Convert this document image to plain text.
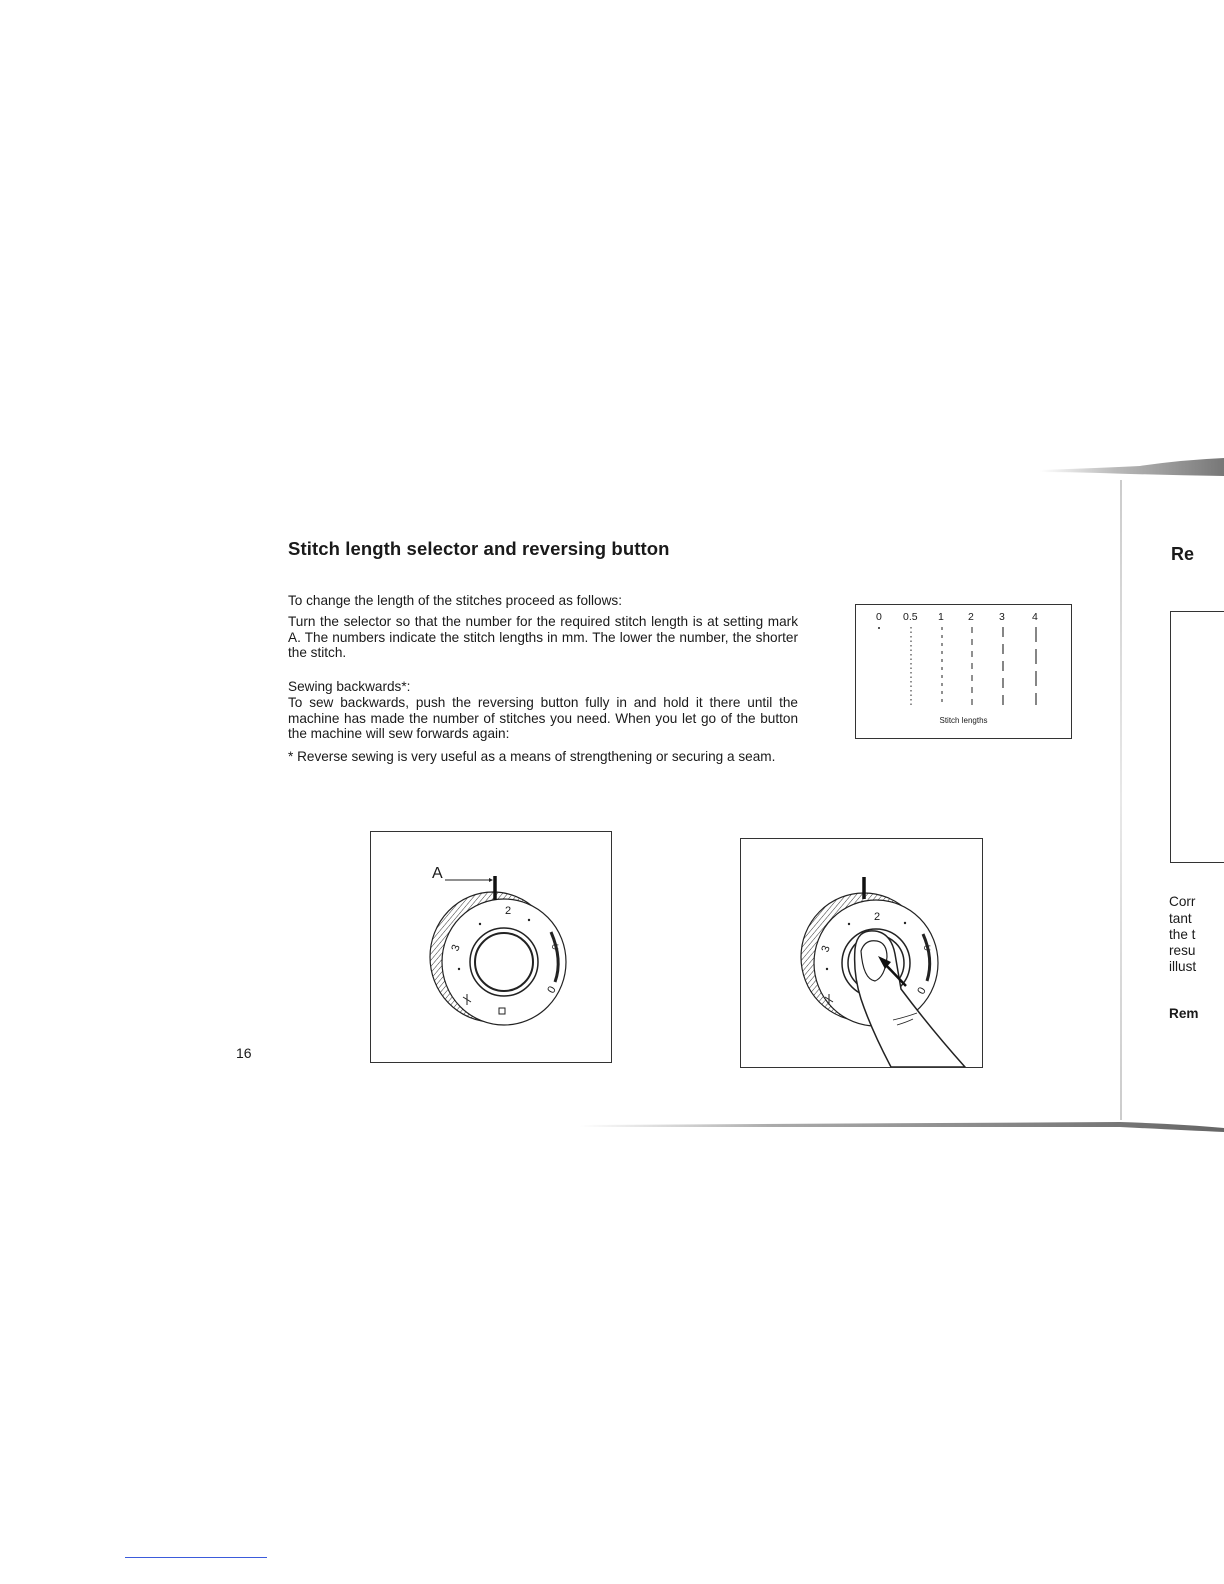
Stitch length selector and reversing button
To change the length of the stitches proceed as follows:
Turn the selector so that the number for the required stitch length is at setting mark A. The numbers indicate the stitch lengths in mm. The lower the number, the shorter the stitch.
Sewing backwards*:
To sew backwards, push the reversing button fully in and hold it there until the machine has made the number of stitches you need. When you let go of the button the machine will sew forwards again:
* Reverse sewing is very useful as a means of strengthening or securing a seam.
0 0.5 1 2 3	4
Stitch lengths
⊂
A
2
3
0
⊂
2
3
0
16
Re
Corr
tant
the t
resu
illust
Rem
